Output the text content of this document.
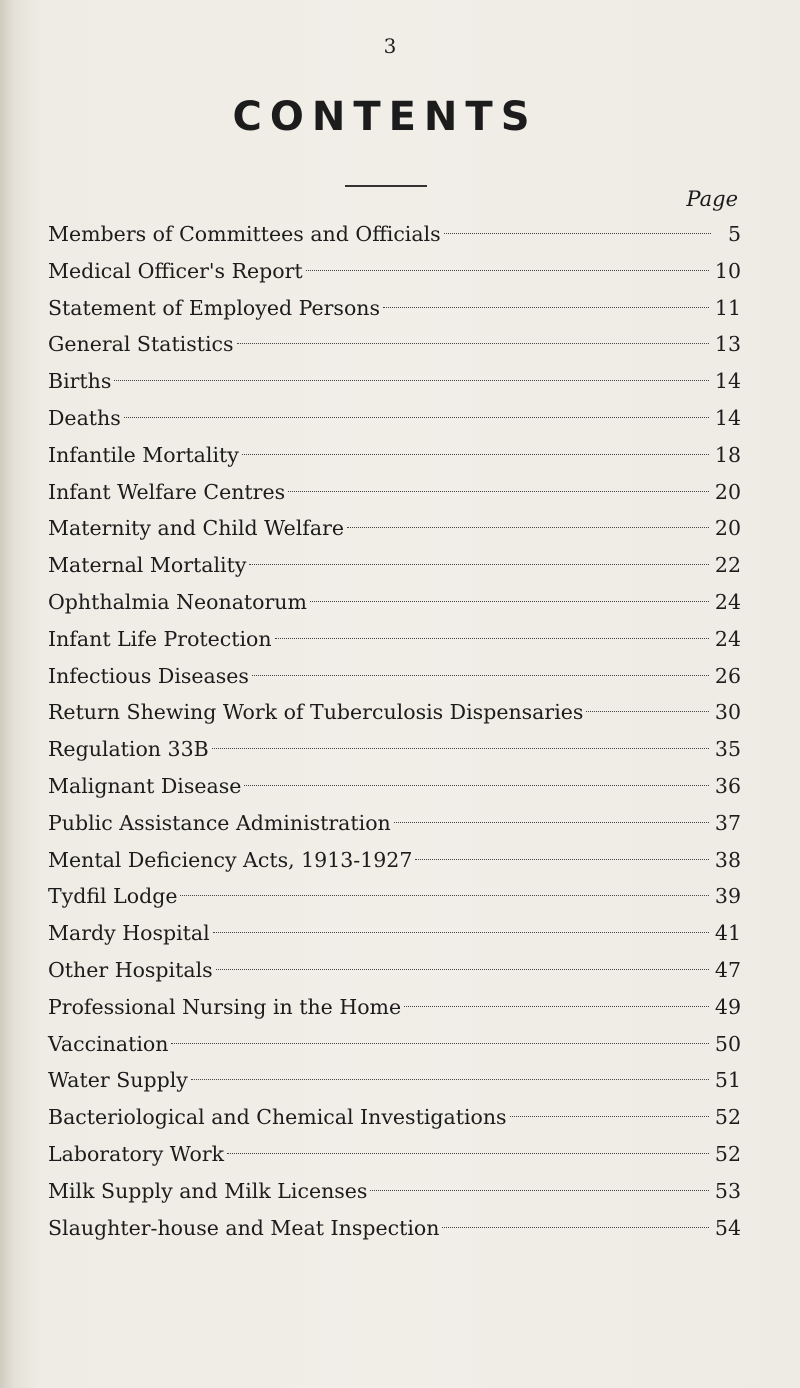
3
CONTENTS
Page
Members of Committees and Officials	5
Medical Officer's Report	10
Statement of Employed Persons	11
General Statistics	13
Births	14
Deaths	14
Infantile Mortality	18
Infant Welfare Centres	20
Maternity and Child Welfare	20
Maternal Mortality	22
Ophthalmia Neonatorum	24
Infant Life Protection	24
Infectious Diseases	26
Return Shewing Work of Tuberculosis Dispensaries	30
Regulation 33B	35
Malignant Disease	36
Public Assistance Administration	37
Mental Deficiency Acts, 1913-1927	38
Tydfil Lodge	39
Mardy Hospital	41
Other Hospitals	47
Professional Nursing in the Home	49
Vaccination	50
Water Supply	51
Bacteriological and Chemical Investigations	52
Laboratory Work	52
Milk Supply and Milk Licenses	53
Slaughter-house and Meat Inspection	54
